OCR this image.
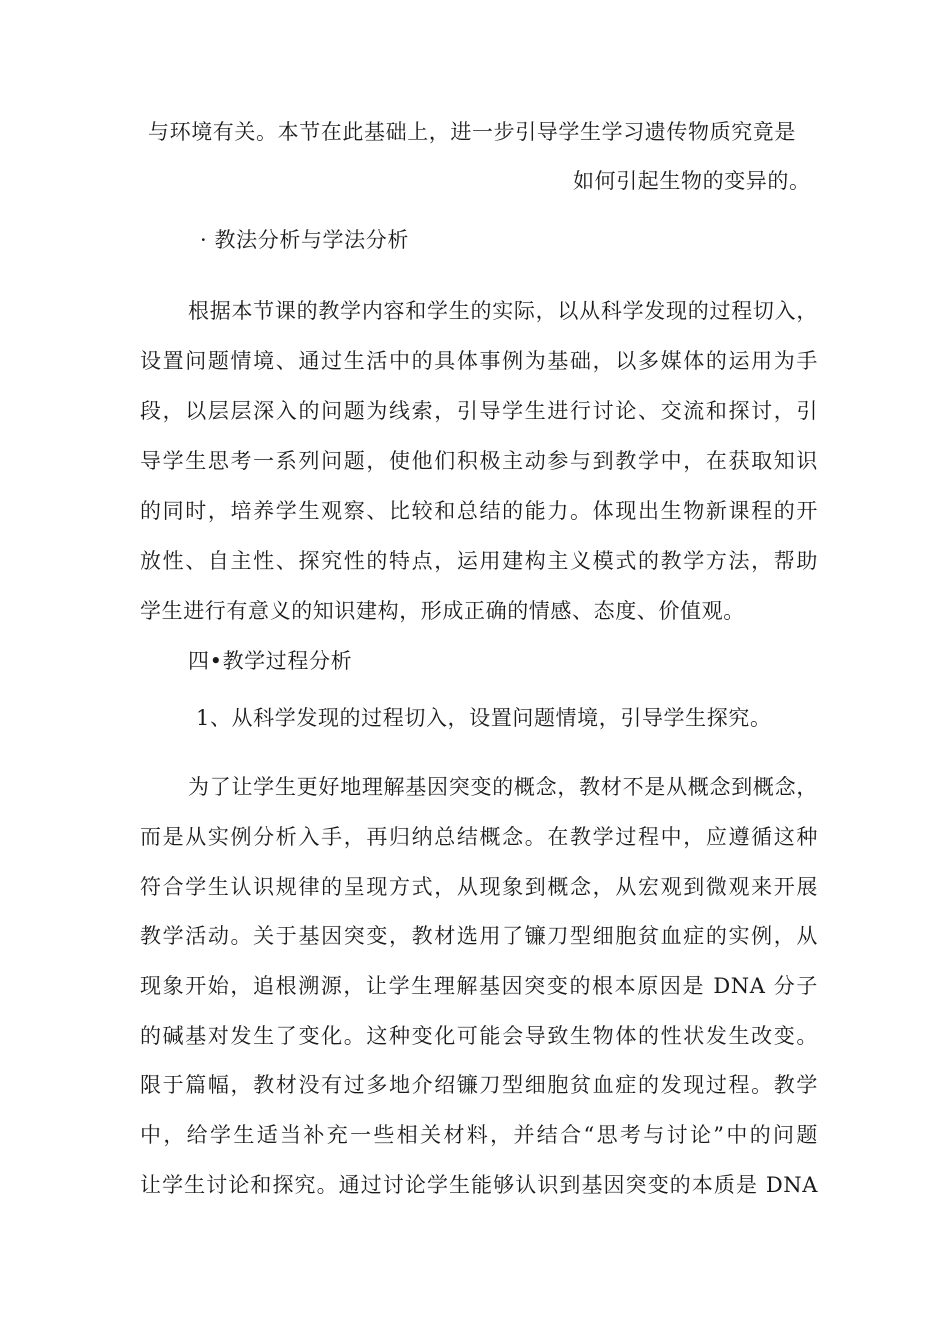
与环境有关。本节在此基础上，进一步引导学生学习遗传物质究竟是
如何引起生物的变异的。
· 教法分析与学法分析
根据本节课的教学内容和学生的实际，以从科学发现的过程切入，
设置问题情境、通过生活中的具体事例为基础，以多媒体的运用为手
段，以层层深入的问题为线索，引导学生进行讨论、交流和探讨，引
导学生思考一系列问题，使他们积极主动参与到教学中，在获取知识
的同时，培养学生观察、比较和总结的能力。体现出生物新课程的开
放性、自主性、探究性的特点，运用建构主义模式的教学方法，帮助
学生进行有意义的知识建构，形成正确的情感、态度、价值观。
四•教学过程分析
1、从科学发现的过程切入，设置问题情境，引导学生探究。
为了让学生更好地理解基因突变的概念，教材不是从概念到概念，
而是从实例分析入手，再归纳总结概念。在教学过程中，应遵循这种
符合学生认识规律的呈现方式，从现象到概念，从宏观到微观来开展
教学活动。关于基因突变，教材选用了镰刀型细胞贫血症的实例，从
现象开始，追根溯源，让学生理解基因突变的根本原因是 DNA 分子
的碱基对发生了变化。这种变化可能会导致生物体的性状发生改变。
限于篇幅，教材没有过多地介绍镰刀型细胞贫血症的发现过程。教学
中，给学生适当补充一些相关材料，并结合“思考与讨论”中的问题
让学生讨论和探究。通过讨论学生能够认识到基因突变的本质是 DNA
